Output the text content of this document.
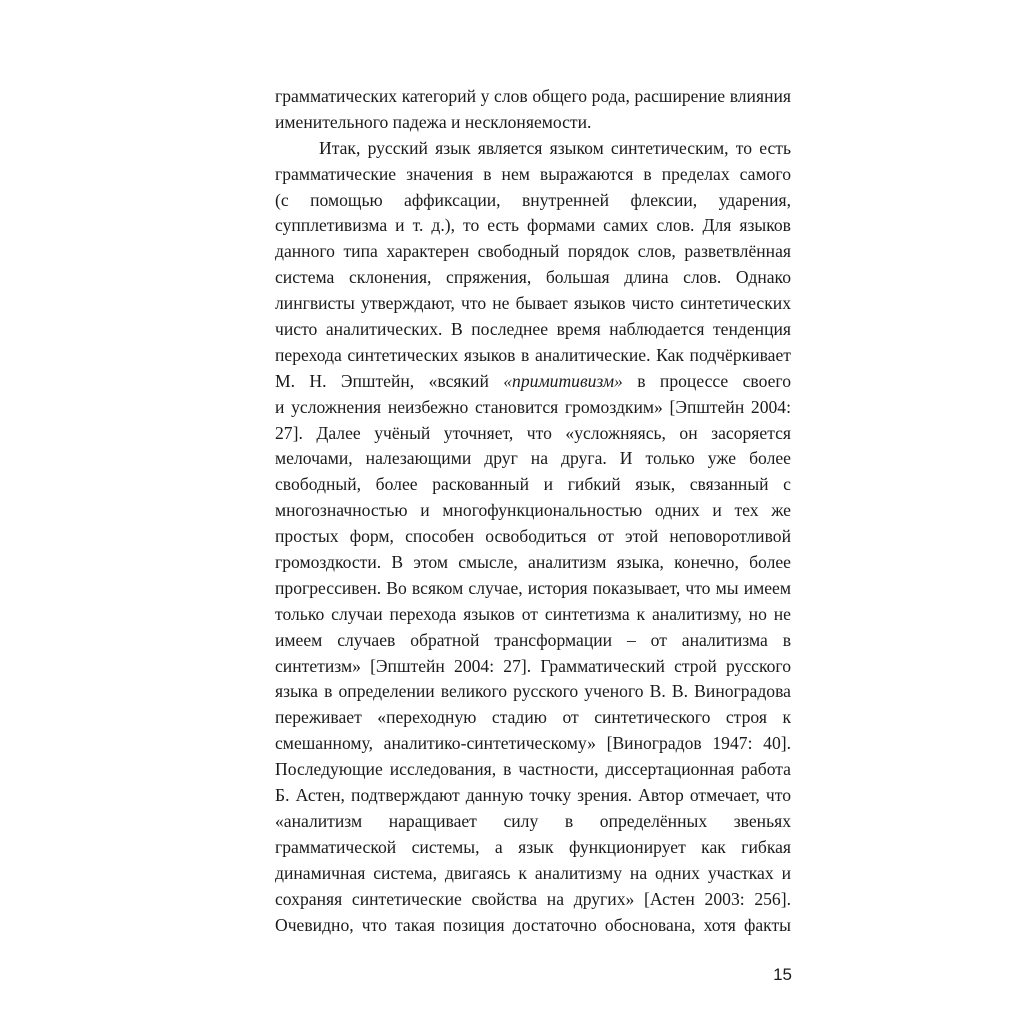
грамматических категорий у слов общего рода, расширение влияния
именительного падежа и несклоняемости.
Итак, русский язык является языком синтетическим, то есть
грамматические значения в нем выражаются в пределах самого
(с помощью аффиксации, внутренней флексии, ударения,
супплетивизма и т. д.), то есть формами самих слов. Для языков
данного типа характерен свободный порядок слов, разветвлённая
система склонения, спряжения, большая длина слов. Однако
лингвисты утверждают, что не бывает языков чисто синтетических
чисто аналитических. В последнее время наблюдается тенденция
перехода синтетических языков в аналитические. Как подчёркивает
М. Н. Эпштейн, «всякий «примитивизм» в процессе своего
и усложнения неизбежно становится громоздким» [Эпштейн 2004:
27]. Далее учёный уточняет, что «усложняясь, он засоряется
мелочами, налезающими друг на друга. И только уже более
свободный, более раскованный и гибкий язык, связанный с
многозначностью и многофункциональностью одних и тех же
простых форм, способен освободиться от этой неповоротливой
громоздкости. В этом смысле, аналитизм языка, конечно, более
прогрессивен. Во всяком случае, история показывает, что мы имеем
только случаи перехода языков от синтетизма к аналитизму, но не
имеем случаев обратной трансформации – от аналитизма в
синтетизм» [Эпштейн 2004: 27]. Грамматический строй русского
языка в определении великого русского ученого В. В. Виноградова
переживает «переходную стадию от синтетического строя к
смешанному, аналитико-синтетическому» [Виноградов 1947: 40].
Последующие исследования, в частности, диссертационная работа
Б. Астен, подтверждают данную точку зрения. Автор отмечает, что
«аналитизм наращивает силу в определённых звеньях
грамматической системы, а язык функционирует как гибкая
динамичная система, двигаясь к аналитизму на одних участках и
сохраняя синтетические свойства на других» [Астен 2003: 256].
Очевидно, что такая позиция достаточно обоснована, хотя факты
15
